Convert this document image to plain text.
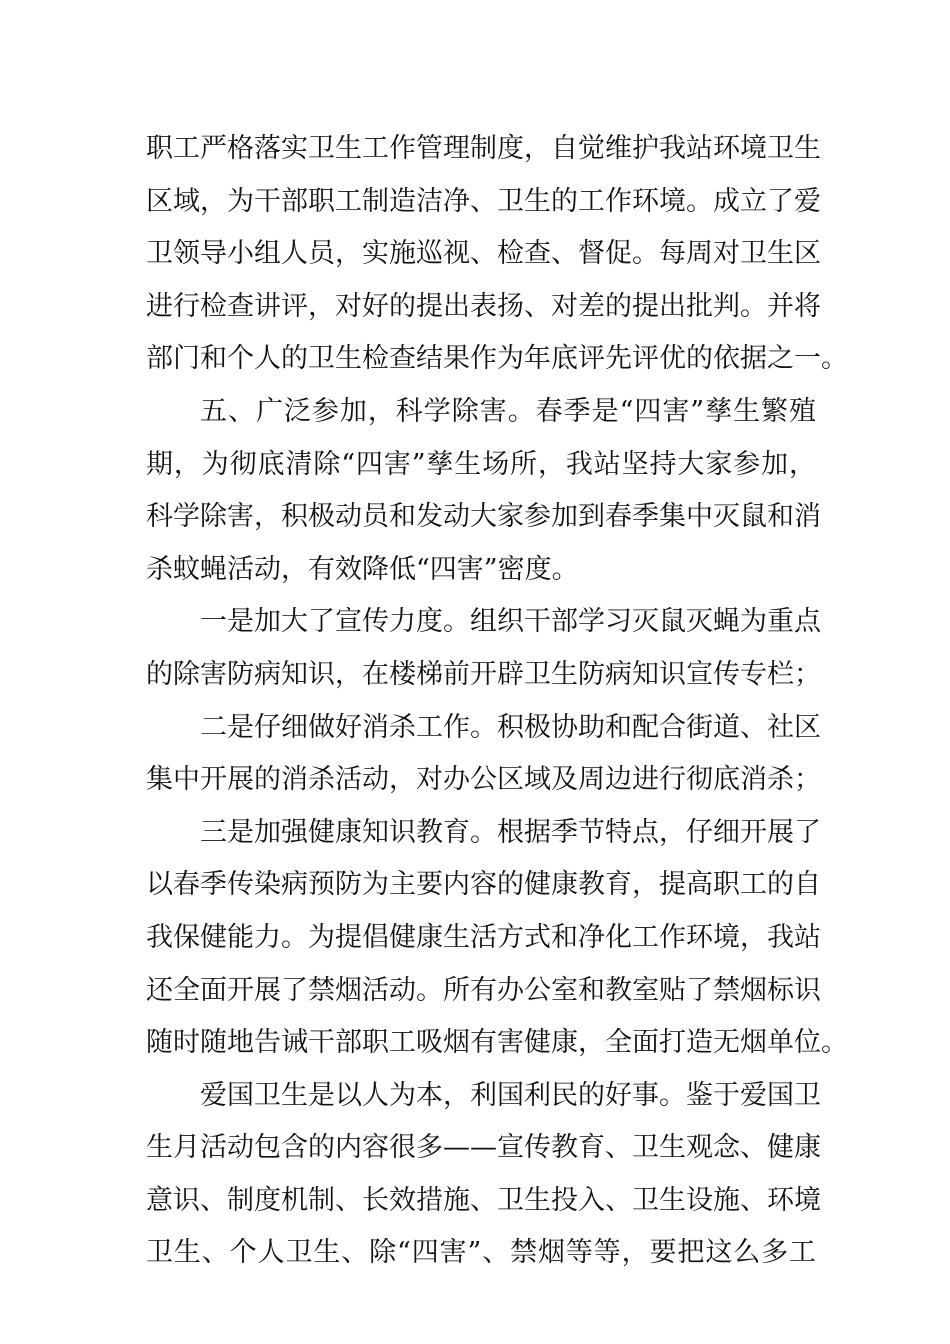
职工严格落实卫生工作管理制度，自觉维护我站环境卫生
区域，为干部职工制造洁净、卫生的工作环境。成立了爱
卫领导小组人员，实施巡视、检查、督促。每周对卫生区
进行检查讲评，对好的提出表扬、对差的提出批判。并将
部门和个人的卫生检查结果作为年底评先评优的依据之一。
五、广泛参加，科学除害。春季是“四害”孳生繁殖
期，为彻底清除“四害”孳生场所，我站坚持大家参加，
科学除害，积极动员和发动大家参加到春季集中灭鼠和消
杀蚊蝇活动，有效降低“四害”密度。
一是加大了宣传力度。组织干部学习灭鼠灭蝇为重点
的除害防病知识，在楼梯前开辟卫生防病知识宣传专栏；
二是仔细做好消杀工作。积极协助和配合街道、社区
集中开展的消杀活动，对办公区域及周边进行彻底消杀；
三是加强健康知识教育。根据季节特点，仔细开展了
以春季传染病预防为主要内容的健康教育，提高职工的自
我保健能力。为提倡健康生活方式和净化工作环境，我站
还全面开展了禁烟活动。所有办公室和教室贴了禁烟标识
随时随地告诫干部职工吸烟有害健康，全面打造无烟单位。
爱国卫生是以人为本，利国利民的好事。鉴于爱国卫
生月活动包含的内容很多——宣传教育、卫生观念、健康
意识、制度机制、长效措施、卫生投入、卫生设施、环境
卫生、个人卫生、除“四害”、禁烟等等，要把这么多工
